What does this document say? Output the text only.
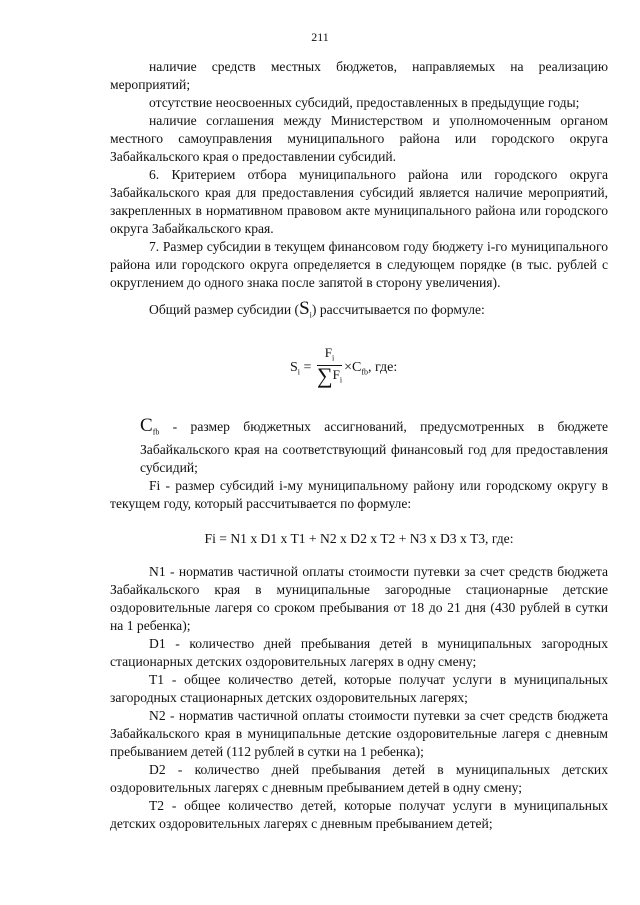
211

наличие средств местных бюджетов, направляемых на реализацию мероприятий;

отсутствие неосвоенных субсидий, предоставленных в предыдущие годы;

наличие соглашения между Министерством и уполномоченным органом местного самоуправления муниципального района или городского округа Забайкальского края о предоставлении субсидий.

6. Критерием отбора муниципального района или городского округа Забайкальского края для предоставления субсидий является наличие мероприятий, закрепленных в нормативном правовом акте муниципального района или городского округа Забайкальского края.

7. Размер субсидии в текущем финансовом году бюджету i-го муниципального района или городского округа определяется в следующем порядке (в тыс. рублей с округлением до одного знака после запятой в сторону увеличения).

Общий размер субсидии $(S_i)$ рассчитывается по формуле:

$S_i = \frac{F_i}{\sum F_i} \times C_{fb}$, где:

$C_{fb}$ - размер бюджетных ассигнований, предусмотренных в бюджете Забайкальского края на соответствующий финансовый год для предоставления субсидий;

Fi - размер субсидий i-му муниципальному району или городскому округу в текущем году, который рассчитывается по формуле:

Fi = N1 x D1 x T1 + N2 x D2 x T2 + N3 x D3 x T3, где:

N1 - норматив частичной оплаты стоимости путевки за счет средств бюджета Забайкальского края в муниципальные загородные стационарные детские оздоровительные лагеря со сроком пребывания от 18 до 21 дня (430 рублей в сутки на 1 ребенка);

D1 - количество дней пребывания детей в муниципальных загородных стационарных детских оздоровительных лагерях в одну смену;

T1 - общее количество детей, которые получат услуги в муниципальных загородных стационарных детских оздоровительных лагерях;

N2 - норматив частичной оплаты стоимости путевки за счет средств бюджета Забайкальского края в муниципальные детские оздоровительные лагеря с дневным пребыванием детей (112 рублей в сутки на 1 ребенка);

D2 - количество дней пребывания детей в муниципальных детских оздоровительных лагерях с дневным пребыванием детей в одну смену;

T2 - общее количество детей, которые получат услуги в муниципальных детских оздоровительных лагерях с дневным пребыванием детей;
